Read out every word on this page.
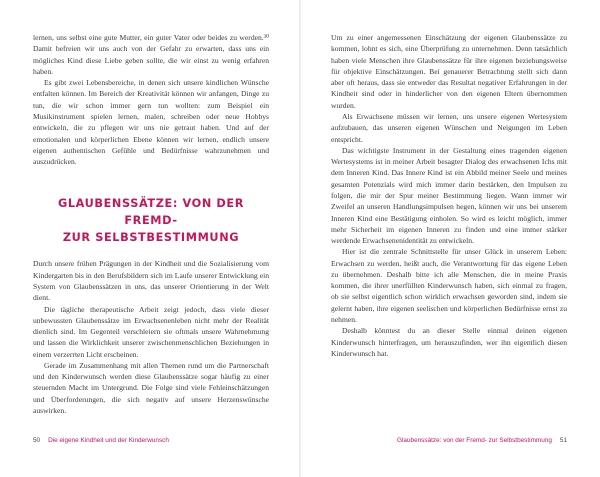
lernen, uns selbst eine gute Mutter, ein guter Vater oder beides zu werden.³⁰ Damit befreien wir uns auch von der Gefahr zu erwarten, dass uns ein mögliches Kind diese Liebe geben sollte, die wir einst zu wenig erfahren haben.

Es gibt zwei Lebensbereiche, in denen sich unsere kindlichen Wünsche entfalten können. Im Bereich der Kreativität können wir anfangen, Dinge zu tun, die wir schon immer gern tun wollten: zum Beispiel ein Musikinstrument spielen lernen, malen, schreiben oder neue Hobbys entwickeln, die zu pflegen wir uns nie getraut haben. Und auf der emotionalen und körperlichen Ebene können wir lernen, endlich unsere eigenen authentischen Gefühle und Bedürfnisse wahrzunehmen und auszudrücken.

GLAUBENSSÄTZE: VON DER FREMD-
ZUR SELBSTBESTIMMUNG

Durch unsere frühen Prägungen in der Kindheit und die Sozialisierung vom Kindergarten bis in den Berufsbildern sich im Laufe unserer Entwicklung ein System von Glaubenssätzen in uns, das unserer Orientierung in der Welt dient.

Die tägliche therapeutische Arbeit zeigt jedoch, dass viele dieser unbewussten Glaubenssätze im Erwachsenenleben nicht mehr der Realität dienlich sind. Im Gegenteil verschleiern sie oftmals unsere Wahrnehmung und lassen die Wirklichkeit unserer zwischenmenschlichen Beziehungen in einem verzerrten Licht erscheinen.

Gerade im Zusammenhang mit allen Themen rund um die Partnerschaft und den Kinderwunsch werden diese Glaubenssätze sogar häufig zu einer steuernden Macht im Untergrund. Die Folge sind viele Fehleinschätzungen und Überforderungen, die sich negativ auf unsere Herzenswünsche auswirken.

50 Die eigene Kindheit und der Kinderwunsch

Um zu einer angemessenen Einschätzung der eigenen Glaubenssätze zu kommen, lohnt es sich, eine Überprüfung zu unternehmen. Denn tatsächlich haben viele Menschen ihre Glaubenssätze für ihre eigenen beziehungsweise für objektive Einschätzungen. Bei genauerer Betrachtung stellt sich dann aber oft heraus, dass sie entweder das Resultat negativer Erfahrungen in der Kindheit sind oder in hinderlicher von den eigenen Eltern übernommen wurden.

Als Erwachsene müssen wir lernen, uns unsere eigenen Wertesystem aufzubauen, das unseren eigenen Wünschen und Neigungen im Leben entspricht.

Das wichtigste Instrument in der Gestaltung eines tragenden eigenen Wertesystems ist in meiner Arbeit besagter Dialog des erwachsenen Ichs mit dem Inneren Kind. Das Innere Kind ist ein Abbild meiner Seele und meines gesamten Potenzials wird mich immer darin bestärken, den Impulsen zu folgen, die mir der Spur meiner Bestimmung liegen. Wann immer wir Zweifel an unseren Handlungsimpulsen hegen, können wir uns bei unserem Inneren Kind eine Bestätigung einholen. So wird es leicht möglich, immer mehr Sicherheit im eigenen Inneren zu finden und eine immer stärker werdende Erwachsenenidentität zu entwickeln.

Hier ist die zentrale Schnittstelle für unser Glück in unserem Leben: Erwachsen zu werden, heißt auch, die Verantwortung für das eigene Leben zu übernehmen. Deshalb bitte ich alle Menschen, die in meine Praxis kommen, die ihrer unerfüllten Kinderwunsch haben, sich einmal zu fragen, ob sie selbst eigentlich schon wirklich erwachsen geworden sind, indem sie gelernt haben, ihre eigenen seelischen und körperlichen Bedürfnisse ernst zu nehmen.

Deshalb könntest du an dieser Stelle einmal deinen eigenen Kinderwunsch hinterfragen, um herauszufinden, wer ihn eigentlich diesen Kinderwunsch hat.

Glaubenssätze: von der Fremd- zur Selbstbestimmung 51
